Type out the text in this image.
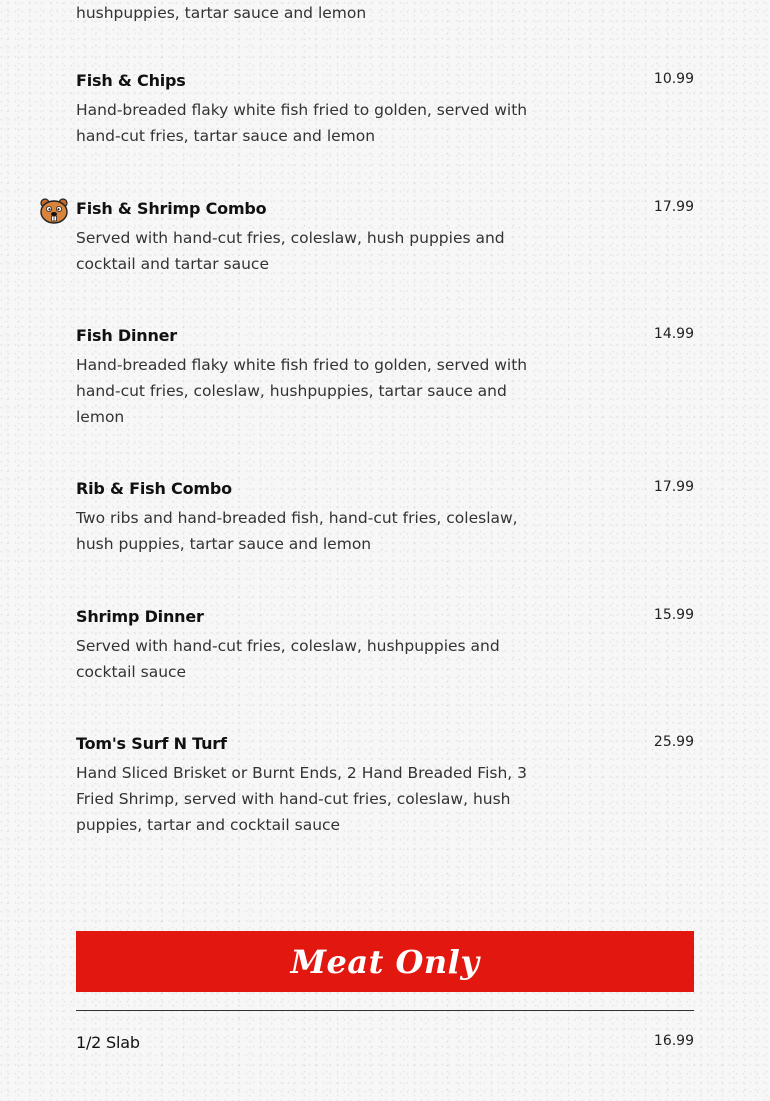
hushpuppies, tartar sauce and lemon
Fish & Chips	10.99
Hand-breaded flaky white fish fried to golden, served with hand-cut fries, tartar sauce and lemon
Fish & Shrimp Combo	17.99
Served with hand-cut fries, coleslaw, hush puppies and cocktail and tartar sauce
Fish Dinner	14.99
Hand-breaded flaky white fish fried to golden, served with hand-cut fries, coleslaw, hushpuppies, tartar sauce and lemon
Rib & Fish Combo	17.99
Two ribs and hand-breaded fish, hand-cut fries, coleslaw, hush puppies, tartar sauce and lemon
Shrimp Dinner	15.99
Served with hand-cut fries, coleslaw, hushpuppies and cocktail sauce
Tom's Surf N Turf	25.99
Hand Sliced Brisket or Burnt Ends, 2 Hand Breaded Fish, 3 Fried Shrimp, served with hand-cut fries, coleslaw, hush puppies, tartar and cocktail sauce
Meat Only
1/2 Slab	16.99
